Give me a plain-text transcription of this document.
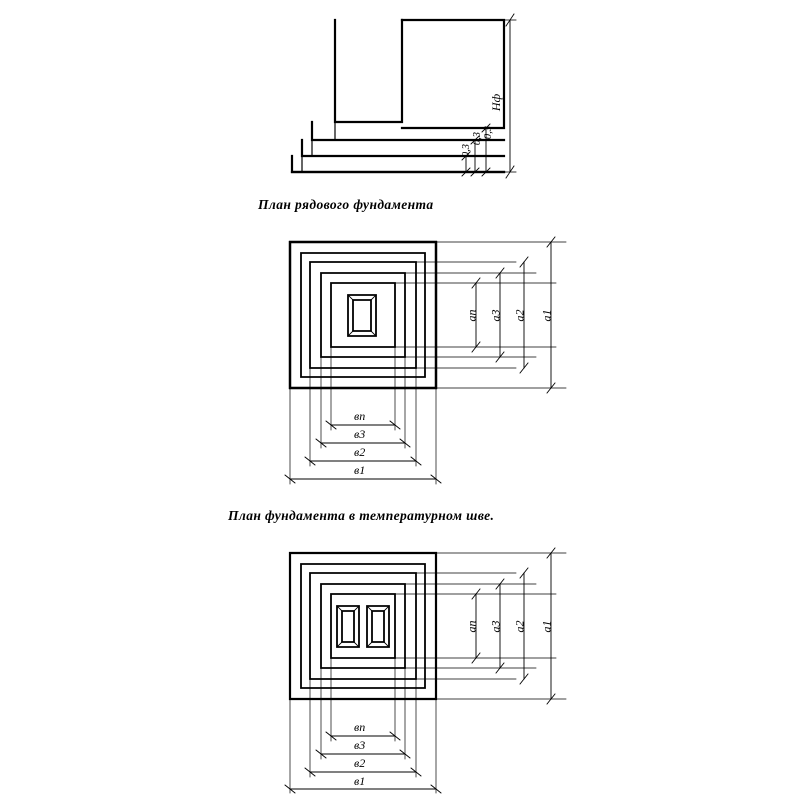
План рядового фундамента
План фундамента в температурном шве.
Нф
0,3
0,3 0,3
ап а3 а2 а1
вп
в3
в2
в1
ап а3 а2 а1
вп
в3
в2
в1
